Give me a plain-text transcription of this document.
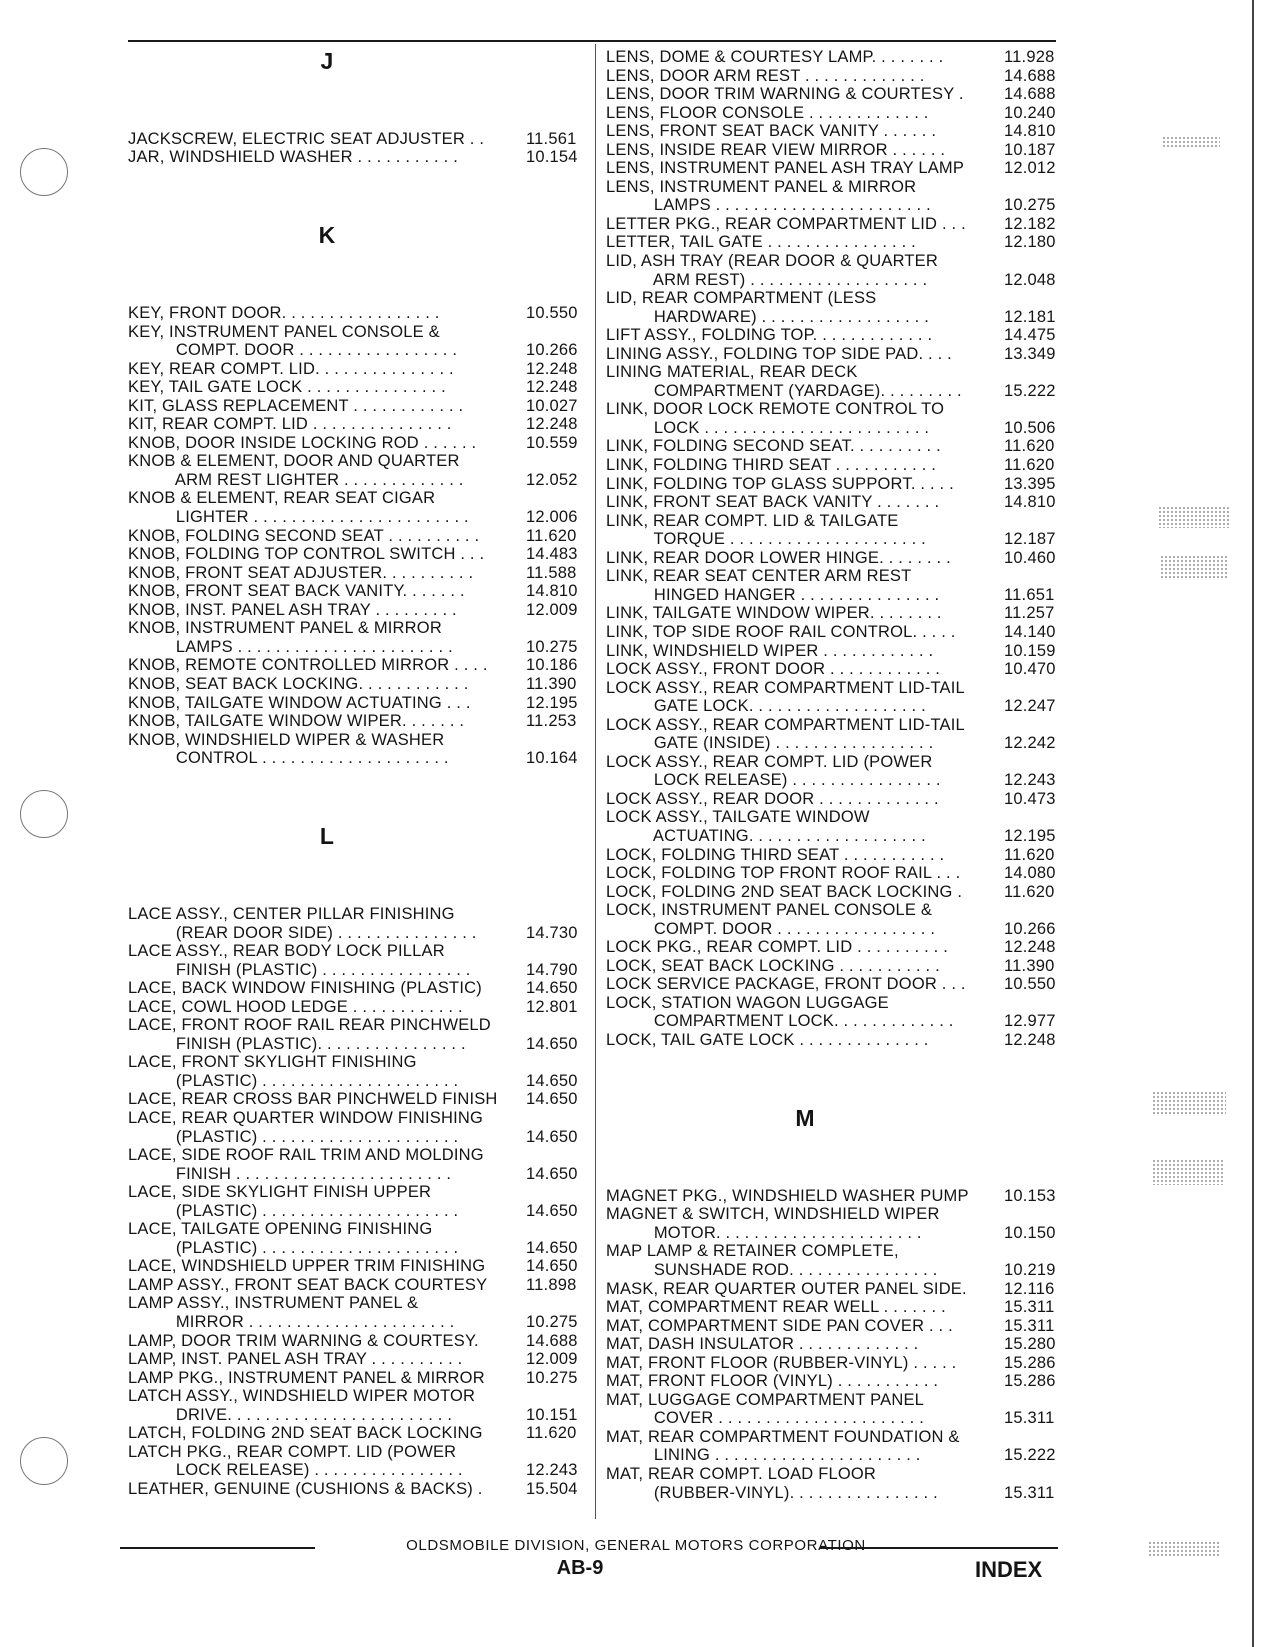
J
JACKSCREW, ELECTRIC SEAT ADJUSTER . .	11.561
JAR, WINDSHIELD WASHER . . . . . . . . . . .	10.154
K
KEY, FRONT DOOR. . . . . . . . . . . . . . . . .	10.550
KEY, INSTRUMENT PANEL CONSOLE &
COMPT. DOOR . . . . . . . . . . . . . . . . .	10.266
KEY, REAR COMPT. LID. . . . . . . . . . . . . . .	12.248
KEY, TAIL GATE LOCK . . . . . . . . . . . . . . .	12.248
KIT, GLASS REPLACEMENT . . . . . . . . . . . .	10.027
KIT, REAR COMPT. LID . . . . . . . . . . . . . . .	12.248
KNOB, DOOR INSIDE LOCKING ROD . . . . . .	10.559
KNOB & ELEMENT, DOOR AND QUARTER
ARM REST LIGHTER . . . . . . . . . . . . .	12.052
KNOB & ELEMENT, REAR SEAT CIGAR
LIGHTER . . . . . . . . . . . . . . . . . . . . . . .	12.006
KNOB, FOLDING SECOND SEAT . . . . . . . . . .	11.620
KNOB, FOLDING TOP CONTROL SWITCH . . .	14.483
KNOB, FRONT SEAT ADJUSTER. . . . . . . . . .	11.588
KNOB, FRONT SEAT BACK VANITY. . . . . . .	14.810
KNOB, INST. PANEL ASH TRAY . . . . . . . . .	12.009
KNOB, INSTRUMENT PANEL & MIRROR
LAMPS . . . . . . . . . . . . . . . . . . . . . . .	10.275
KNOB, REMOTE CONTROLLED MIRROR . . . .	10.186
KNOB, SEAT BACK LOCKING. . . . . . . . . . . .	11.390
KNOB, TAILGATE WINDOW ACTUATING . . .	12.195
KNOB, TAILGATE WINDOW WIPER. . . . . . .	11.253
KNOB, WINDSHIELD WIPER & WASHER
CONTROL . . . . . . . . . . . . . . . . . . . .	10.164
L
LACE ASSY., CENTER PILLAR FINISHING
(REAR DOOR SIDE) . . . . . . . . . . . . . . .	14.730
LACE ASSY., REAR BODY LOCK PILLAR
FINISH (PLASTIC) . . . . . . . . . . . . . . . .	14.790
LACE, BACK WINDOW FINISHING (PLASTIC)	14.650
LACE, COWL HOOD LEDGE . . . . . . . . . . . .	12.801
LACE, FRONT ROOF RAIL REAR PINCHWELD
FINISH (PLASTIC). . . . . . . . . . . . . . . .	14.650
LACE, FRONT SKYLIGHT FINISHING
(PLASTIC) . . . . . . . . . . . . . . . . . . . . .	14.650
LACE, REAR CROSS BAR PINCHWELD FINISH	14.650
LACE, REAR QUARTER WINDOW FINISHING
(PLASTIC) . . . . . . . . . . . . . . . . . . . . .	14.650
LACE, SIDE ROOF RAIL TRIM AND MOLDING
FINISH . . . . . . . . . . . . . . . . . . . . . . .	14.650
LACE, SIDE SKYLIGHT FINISH UPPER
(PLASTIC) . . . . . . . . . . . . . . . . . . . . .	14.650
LACE, TAILGATE OPENING FINISHING
(PLASTIC) . . . . . . . . . . . . . . . . . . . . .	14.650
LACE, WINDSHIELD UPPER TRIM FINISHING	14.650
LAMP ASSY., FRONT SEAT BACK COURTESY	11.898
LAMP ASSY., INSTRUMENT PANEL &
MIRROR . . . . . . . . . . . . . . . . . . . . . .	10.275
LAMP, DOOR TRIM WARNING & COURTESY.	14.688
LAMP, INST. PANEL ASH TRAY . . . . . . . . . .	12.009
LAMP PKG., INSTRUMENT PANEL & MIRROR	10.275
LATCH ASSY., WINDSHIELD WIPER MOTOR
DRIVE. . . . . . . . . . . . . . . . . . . . . . . .	10.151
LATCH, FOLDING 2ND SEAT BACK LOCKING	11.620
LATCH PKG., REAR COMPT. LID (POWER
LOCK RELEASE) . . . . . . . . . . . . . . . .	12.243
LEATHER, GENUINE (CUSHIONS & BACKS) .	15.504
LENS, DOME & COURTESY LAMP. . . . . . . .	11.928
LENS, DOOR ARM REST . . . . . . . . . . . . .	14.688
LENS, DOOR TRIM WARNING & COURTESY .	14.688
LENS, FLOOR CONSOLE . . . . . . . . . . . . .	10.240
LENS, FRONT SEAT BACK VANITY . . . . . .	14.810
LENS, INSIDE REAR VIEW MIRROR . . . . . .	10.187
LENS, INSTRUMENT PANEL ASH TRAY LAMP	12.012
LENS, INSTRUMENT PANEL & MIRROR
LAMPS . . . . . . . . . . . . . . . . . . . . . . .	10.275
LETTER PKG., REAR COMPARTMENT LID . . .	12.182
LETTER, TAIL GATE . . . . . . . . . . . . . . . .	12.180
LID, ASH TRAY (REAR DOOR & QUARTER
ARM REST) . . . . . . . . . . . . . . . . . . .	12.048
LID, REAR COMPARTMENT (LESS
HARDWARE) . . . . . . . . . . . . . . . . . .	12.181
LIFT ASSY., FOLDING TOP. . . . . . . . . . . . .	14.475
LINING ASSY., FOLDING TOP SIDE PAD. . . .	13.349
LINING MATERIAL, REAR DECK
COMPARTMENT (YARDAGE). . . . . . . . .	15.222
LINK, DOOR LOCK REMOTE CONTROL TO
LOCK . . . . . . . . . . . . . . . . . . . . . . . .	10.506
LINK, FOLDING SECOND SEAT. . . . . . . . . .	11.620
LINK, FOLDING THIRD SEAT . . . . . . . . . . .	11.620
LINK, FOLDING TOP GLASS SUPPORT. . . . .	13.395
LINK, FRONT SEAT BACK VANITY . . . . . . .	14.810
LINK, REAR COMPT. LID & TAILGATE
TORQUE . . . . . . . . . . . . . . . . . . . . .	12.187
LINK, REAR DOOR LOWER HINGE. . . . . . . .	10.460
LINK, REAR SEAT CENTER ARM REST
HINGED HANGER . . . . . . . . . . . . . . .	11.651
LINK, TAILGATE WINDOW WIPER. . . . . . . .	11.257
LINK, TOP SIDE ROOF RAIL CONTROL. . . . .	14.140
LINK, WINDSHIELD WIPER . . . . . . . . . . . .	10.159
LOCK ASSY., FRONT DOOR . . . . . . . . . . . .	10.470
LOCK ASSY., REAR COMPARTMENT LID-TAIL
GATE LOCK. . . . . . . . . . . . . . . . . . .	12.247
LOCK ASSY., REAR COMPARTMENT LID-TAIL
GATE (INSIDE) . . . . . . . . . . . . . . . . .	12.242
LOCK ASSY., REAR COMPT. LID (POWER
LOCK RELEASE) . . . . . . . . . . . . . . . .	12.243
LOCK ASSY., REAR DOOR . . . . . . . . . . . . .	10.473
LOCK ASSY., TAILGATE WINDOW
ACTUATING. . . . . . . . . . . . . . . . . . .	12.195
LOCK, FOLDING THIRD SEAT . . . . . . . . . . .	11.620
LOCK, FOLDING TOP FRONT ROOF RAIL . . .	14.080
LOCK, FOLDING 2ND SEAT BACK LOCKING .	11.620
LOCK, INSTRUMENT PANEL CONSOLE &
COMPT. DOOR . . . . . . . . . . . . . . . . .	10.266
LOCK PKG., REAR COMPT. LID . . . . . . . . . .	12.248
LOCK, SEAT BACK LOCKING . . . . . . . . . . .	11.390
LOCK SERVICE PACKAGE, FRONT DOOR . . .	10.550
LOCK, STATION WAGON LUGGAGE
COMPARTMENT LOCK. . . . . . . . . . . . .	12.977
LOCK, TAIL GATE LOCK . . . . . . . . . . . . . .	12.248
M
MAGNET PKG., WINDSHIELD WASHER PUMP	10.153
MAGNET & SWITCH, WINDSHIELD WIPER
MOTOR. . . . . . . . . . . . . . . . . . . . . .	10.150
MAP LAMP & RETAINER COMPLETE,
SUNSHADE ROD. . . . . . . . . . . . . . . .	10.219
MASK, REAR QUARTER OUTER PANEL SIDE.	12.116
MAT, COMPARTMENT REAR WELL . . . . . . .	15.311
MAT, COMPARTMENT SIDE PAN COVER . . .	15.311
MAT, DASH INSULATOR . . . . . . . . . . . . .	15.280
MAT, FRONT FLOOR (RUBBER-VINYL) . . . . .	15.286
MAT, FRONT FLOOR (VINYL) . . . . . . . . . . .	15.286
MAT, LUGGAGE COMPARTMENT PANEL
COVER . . . . . . . . . . . . . . . . . . . . . .	15.311
MAT, REAR COMPARTMENT FOUNDATION &
LINING . . . . . . . . . . . . . . . . . . . . . .	15.222
MAT, REAR COMPT. LOAD FLOOR
(RUBBER-VINYL). . . . . . . . . . . . . . . .	15.311
OLDSMOBILE DIVISION, GENERAL MOTORS CORPORATION
AB-9	INDEX
